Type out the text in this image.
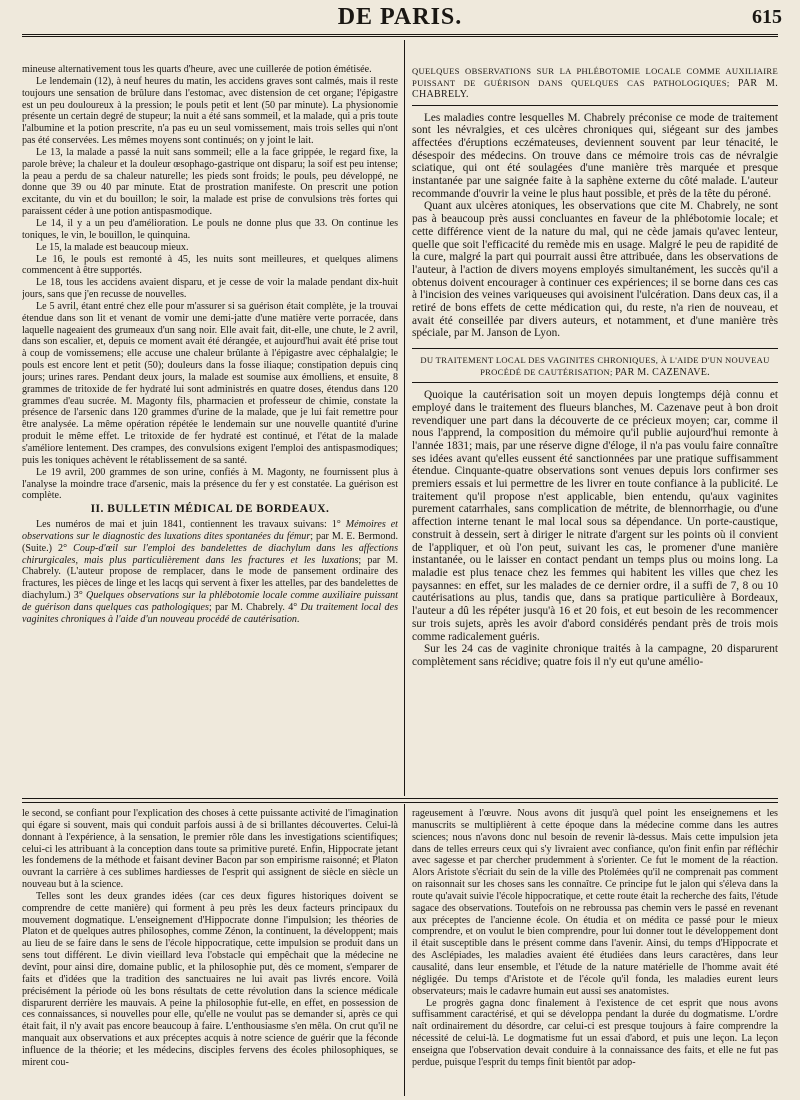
DE PARIS.	615

mineuse alternativement tous les quarts d'heure, avec une cuillerée de potion émétisée.

Le lendemain (12), à neuf heures du matin, les accidens graves sont calmés, mais il reste toujours une sensation de brûlure dans l'estomac, avec distension de cet organe; l'épigastre est un peu douloureux à la pression; le pouls petit et lent (50 par minute). La physionomie présente un certain degré de stupeur; la nuit a été sans sommeil, et la malade, qui a pris toute l'albumine et la potion prescrite, n'a pas eu un seul vomissement, mais trois selles qui n'ont pas été conservées. Les mêmes moyens sont continués; on y joint le lait.

Le 13, la malade a passé la nuit sans sommeil; elle a la face grippée, le regard fixe, la parole brève; la chaleur et la douleur œsophago-gastrique ont disparu; la soif est peu intense; la peau a perdu de sa chaleur naturelle; les pieds sont froids; le pouls, peu développé, ne donne que 39 ou 40 par minute. Etat de prostration manifeste. On prescrit une potion excitante, du vin et du bouillon; le soir, la malade est prise de convulsions très fortes qui paraissent céder à une potion antispasmodique.

Le 14, il y a un peu d'amélioration. Le pouls ne donne plus que 33. On continue les toniques, le vin, le bouillon, le quinquina.

Le 15, la malade est beaucoup mieux.

Le 16, le pouls est remonté à 45, les nuits sont meilleures, et quelques alimens commencent à être supportés.

Le 18, tous les accidens avaient disparu, et je cesse de voir la malade pendant dix-huit jours, sans que j'en recusse de nouvelles.

Le 5 avril, étant entré chez elle pour m'assurer si sa guérison était complète, je la trouvai étendue dans son lit et venant de vomir une demi-jatte d'une matière verte porracée, dans laquelle nageaient des grumeaux d'un sang noir. Elle avait fait, dit-elle, une chute, le 2 avril, dans son escalier, et, depuis ce moment avait été dérangée, et aujourd'hui avait été prise tout à coup de vomissemens; elle accuse une chaleur brûlante à l'épigastre avec céphalalgie; le pouls est encore lent et petit (50); douleurs dans la fosse iliaque; constipation depuis cinq jours; urines rares. Pendant deux jours, la malade est soumise aux émolliens, et ensuite, 8 grammes de tritoxide de fer hydraté lui sont administrés en quatre doses, étendus dans 120 grammes d'eau sucrée. M. Magonty fils, pharmacien et professeur de chimie, constate la présence de l'arsenic dans 120 grammes d'urine de la malade, que je lui fait remettre pour être analysée. La même opération répétée le lendemain sur une nouvelle quantité d'urine produit le même effet. Le tritoxide de fer hydraté est continué, et l'état de la malade s'améliore lentement. Des crampes, des convulsions exigent l'emploi des antispasmodiques; puis les toniques achèvent le rétablissement de sa santé.

Le 19 avril, 200 grammes de son urine, confiés à M. Magonty, ne fournissent plus à l'analyse la moindre trace d'arsenic, mais la présence du fer y est constatée. La guérison est complète.

II. BULLETIN MÉDICAL DE BORDEAUX.

Les numéros de mai et juin 1841, contiennent les travaux suivans: 1° Mémoires et observations sur le diagnostic des luxations dites spontanées du fémur; par M. E. Bermond. (Suite.) 2° Coup-d'œil sur l'emploi des bandelettes de diachylum dans les affections chirurgicales, mais plus particulièrement dans les fractures et les luxations; par M. Chabrely. (L'auteur propose de remplacer, dans le mode de pansement ordinaire des fractures, les pièces de linge et les lacqs qui servent à fixer les attelles, par des bandelettes de diachylum.) 3° Quelques observations sur la phlébotomie locale comme auxiliaire puissant de guérison dans quelques cas pathologiques; par M. Chabrely. 4° Du traitement local des vaginites chroniques à l'aide d'un nouveau procédé de cautérisation.

QUELQUES OBSERVATIONS SUR LA PHLÉBOTOMIE LOCALE COMME AUXILIAIRE PUISSANT DE GUÉRISON DANS QUELQUES CAS PATHOLOGIQUES; PAR M. CHABRELY.

Les maladies contre lesquelles M. Chabrely préconise ce mode de traitement sont les névralgies, et ces ulcères chroniques qui, siégeant sur des jambes affectées d'éruptions eczémateuses, deviennent souvent par leur ténacité, le désespoir des médecins. On trouve dans ce mémoire trois cas de névralgie sciatique, qui ont été soulagées d'une manière très marquée et presque instantanée par une saignée faite à la saphène externe du côté malade. L'auteur recommande d'ouvrir la veine le plus haut possible, et près de la tête du péroné.

Quant aux ulcères atoniques, les observations que cite M. Chabrely, ne sont pas à beaucoup près aussi concluantes en faveur de la phlébotomie locale; et cette différence vient de la nature du mal, qui ne cède jamais qu'avec lenteur, quelle que soit l'efficacité du remède mis en usage. Malgré le peu de rapidité de la cure, malgré la part qui pourrait aussi être attribuée, dans les observations de l'auteur, à l'action de divers moyens employés simultanément, les succès qu'il a obtenus doivent encourager à continuer ces expériences; il se borne dans ces cas à l'incision des veines variqueuses qui avoisinent l'ulcération. Dans deux cas, il a retiré de bons effets de cette médication qui, du reste, n'a rien de nouveau, et avait été conseillée par divers auteurs, et notamment, et d'une manière très spéciale, par M. Janson de Lyon.

DU TRAITEMENT LOCAL DES VAGINITES CHRONIQUES, À L'AIDE D'UN NOUVEAU PROCÉDÉ DE CAUTÉRISATION; PAR M. CAZENAVE.

Quoique la cautérisation soit un moyen depuis longtemps déjà connu et employé dans le traitement des flueurs blanches, M. Cazenave peut à bon droit revendiquer une part dans la découverte de ce précieux moyen; car, comme il nous l'apprend, la composition du mémoire qu'il publie aujourd'hui remonte à l'année 1831; mais, par une réserve digne d'éloge, il n'a pas voulu faire connaître ses idées avant qu'elles eussent été sanctionnées par une pratique suffisamment étendue. Cinquante-quatre observations sont venues depuis lors confirmer ses premiers essais et lui permettre de les livrer en toute confiance à la publicité. Le traitement qu'il propose n'est applicable, bien entendu, qu'aux vaginites purement catarrhales, sans complication de métrite, de blennorrhagie, ou d'une affection interne tenant le mal local sous sa dépendance. Un porte-caustique, construit à dessein, sert à diriger le nitrate d'argent sur les points où il convient de l'appliquer, et où l'on peut, suivant les cas, le promener d'une manière instantanée, ou le laisser en contact pendant un temps plus ou moins long. La maladie est plus tenace chez les femmes qui habitent les villes que chez les paysannes: en effet, sur les malades de ce dernier ordre, il a suffi de 7, 8 ou 10 cautérisations au plus, tandis que, dans sa pratique particulière à Bordeaux, l'auteur a dû les répéter jusqu'à 16 et 20 fois, et eut besoin de les recommencer sur trois sujets, après les avoir d'abord considérés pendant près de trois mois comme radicalement guéris.

Sur les 24 cas de vaginite chronique traités à la campagne, 20 disparurent complètement sans récidive; quatre fois il n'y eut qu'une amélio-

le second, se confiant pour l'explication des choses à cette puissante activité de l'imagination qui égare si souvent, mais qui conduit parfois aussi à de si brillantes découvertes. Celui-là donnant à l'expérience, à la sensation, le premier rôle dans les investigations scientifiques; celui-ci les attribuant à la conception dans toute sa primitive pureté. Enfin, Hippocrate jetant les fondemens de la méthode et faisant deviner Bacon par son empirisme raisonné; et Platon ouvrant la carrière à ces sublimes hardiesses de l'esprit qui assignent de siècle en siècle un nouveau but à la science.

Telles sont les deux grandes idées (car ces deux figures historiques doivent se comprendre de cette manière) qui forment à peu près les deux facteurs principaux du mouvement dogmatique. L'enseignement d'Hippocrate donne l'impulsion; les théories de Platon et de quelques autres philosophes, comme Zénon, la continuent, la développent; mais au lieu de se faire dans le sens de l'école hippocratique, cette impulsion se produit dans un sens tout différent. Le divin vieillard leva l'obstacle qui empêchait que la médecine ne devînt, pour ainsi dire, domaine public, et la philosophie put, dès ce moment, s'emparer de faits et d'idées que la tradition des sanctuaires ne lui avait pas livrés encore. Voilà précisément la période où les bons résultats de cette révolution dans la science médicale disparurent derrière les mauvais. A peine la philosophie fut-elle, en effet, en possession de ces connaissances, si nouvelles pour elle, qu'elle ne voulut pas se demander si, après ce qui était fait, il n'y avait pas encore beaucoup à faire. L'enthousiasme s'en mêla. On crut qu'il ne manquait aux observations et aux préceptes acquis à notre science de guérir que la féconde influence de la théorie; et les médecins, disciples fervens des écoles philosophiques, se mirent cou-

rageusement à l'œuvre. Nous avons dit jusqu'à quel point les enseignemens et les manuscrits se multiplièrent à cette époque dans la médecine comme dans les autres sciences; nous n'avons donc nul besoin de revenir là-dessus. Mais cette impulsion jeta dans de telles erreurs ceux qui s'y livraient avec confiance, qu'on finit enfin par réfléchir avec sagesse et par chercher prudemment à s'orienter. Ce fut le moment de la réaction. Alors Aristote s'écriait du sein de la ville des Ptolémées qu'il ne comprenait pas comment on raisonnait sur les choses sans les connaître. Ce principe fut le jalon qui s'éleva dans la route qu'avait suivie l'école hippocratique, et cette route était la recherche des faits, l'étude sagace des observations. Toutefois on ne rebroussa pas chemin vers le passé en revenant aux préceptes de l'ancienne école. On étudia et on médita ce passé pour le mieux comprendre, et on voulut le bien comprendre, pour lui donner tout le développement dont il était susceptible dans le présent comme dans l'avenir. Ainsi, du temps d'Hippocrate et des Asclépiades, les maladies avaient été étudiées dans leurs caractères, dans leur causalité, dans leur ensemble, et l'étude de la nature matérielle de l'homme avait été négligée. Du temps d'Aristote et de l'école qu'il fonda, les maladies eurent leurs observateurs; mais le cadavre humain eut aussi ses anatomistes.

Le progrès gagna donc finalement à l'existence de cet esprit que nous avons suffisamment caractérisé, et qui se développa pendant la durée du dogmatisme. L'ordre naît ordinairement du désordre, car celui-ci est presque toujours à faire comprendre la nécessité de celui-là. Le dogmatisme fut un essai d'abord, et puis une leçon. La leçon enseigna que l'observation devait conduire à la connaissance des faits, et elle ne fut pas perdue, puisque l'esprit du temps finit bientôt par adop-
